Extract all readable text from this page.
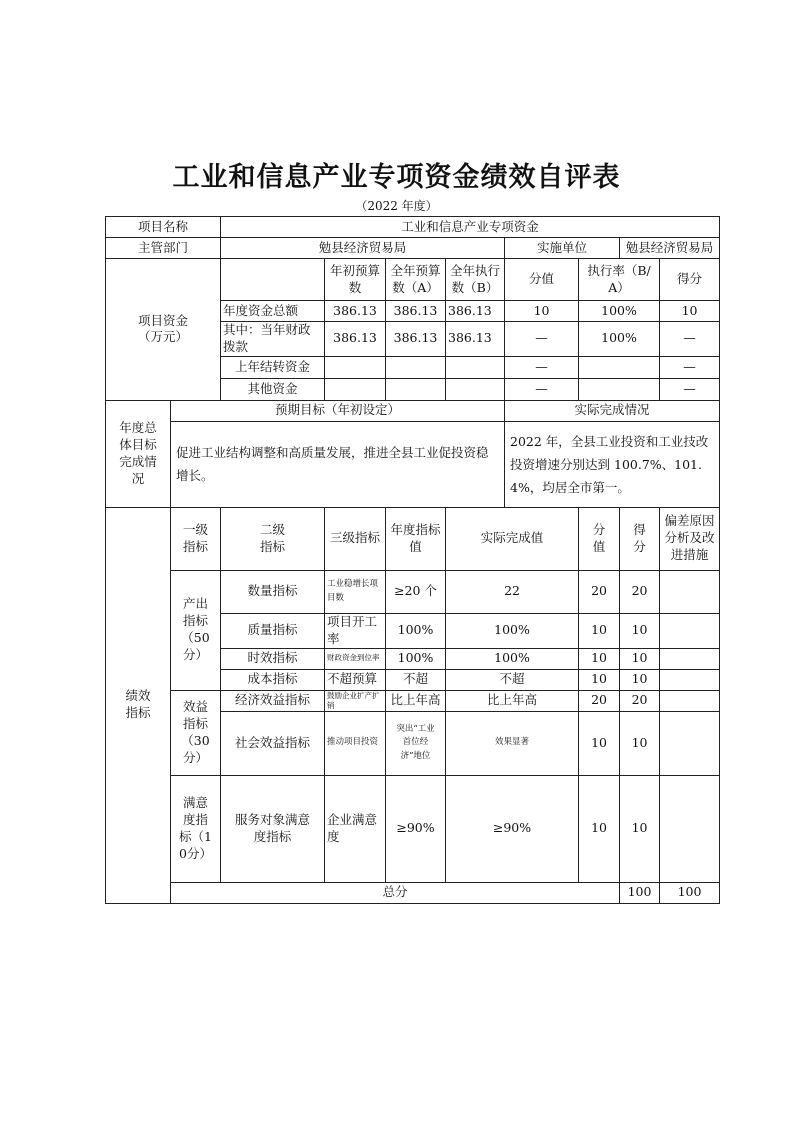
工业和信息产业专项资金绩效自评表
（2022 年度）
项目名称		工业和信息产业专项资金								
主管部门		勉县经济贸易局				实施单位		勉县经济贸易局		

项目资金
（万元）			年初预算数	全年预算数（A）	全年执行数（B）	分值	执行率（B/A）		得分	
		年度资金总额	386.13	386.13	386.13	10	100%		10	
		其中：当年财政拨款	386.13	386.13	386.13	—	100%		—	
		上年结转资金				—			—	
		其他资金				—			—	
年度总体目标完成情况	预期目标（年初设定）					实际完成情况				
	促进工业结构调整和高质量发展，推进全县工业促投资稳增长。					2022 年，全县工业投资和工业技改投资增速分别达到 100.7%、101.4%，均居全市第一。				
绩效指标	一级指标	二级指标	三级指标	年度指标值	实际完成值		分值	得分	偏差原因分析及改进措施	
	产出指标（50分）	数量指标	工业稳增长项目数	≥20 个	22		20	20		
		质量指标	项目开工率	100%	100%		10	10		
		时效指标	财政资金到位率	100%	100%		10	10		
		成本指标	不超预算	不超	不超		10	10		
	效益指标（30分）	经济效益指标	鼓励企业扩产扩销	比上年高	比上年高		20	20		
		社会效益指标	推动项目投资	突出“工业首位经济”地位	效果显著		10	10		
	满意度指标（10分）	服务对象满意度指标	企业满意度	≥90%	≥90%		10	10		
	总分							100	100	
